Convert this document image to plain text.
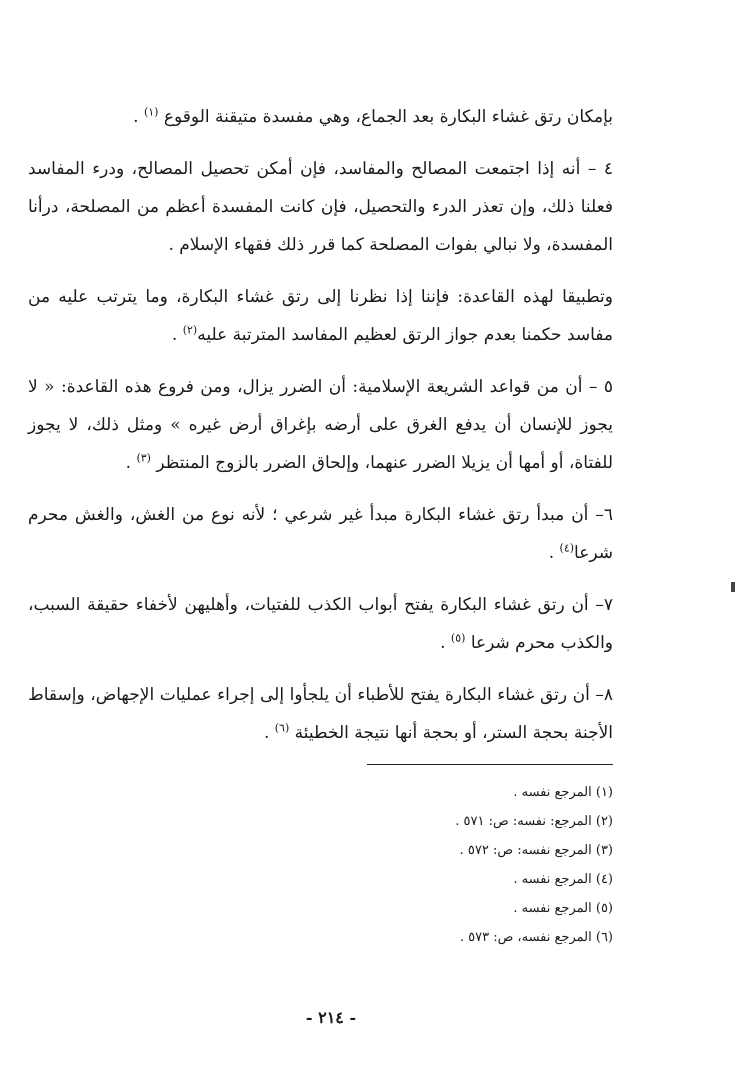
بإمكان رتق غشاء البكارة بعد الجماع، وهي مفسدة متيقنة الوقوع $^{(١)}$ .

٤ – أنه إذا اجتمعت المصالح والمفاسد، فإن أمكن تحصيل المصالح، ودرء المفاسد فعلنا ذلك، وإن تعذر الدرء والتحصيل، فإن كانت المفسدة أعظم من المصلحة، درأنا المفسدة، ولا نبالي بفوات المصلحة كما قرر ذلك فقهاء الإسلام .

وتطبيقا لهذه القاعدة: فإننا إذا نظرنا إلى رتق غشاء البكارة، وما يترتب عليه من مفاسد حكمنا بعدم جواز الرتق لعظيم المفاسد المترتبة عليه$^{(٢)}$ .

٥ – أن من قواعد الشريعة الإسلامية: أن الضرر يزال، ومن فروع هذه القاعدة: « لا يجوز للإنسان أن يدفع الغرق على أرضه بإغراق أرض غيره » ومثل ذلك، لا يجوز للفتاة، أو أمها أن يزيلا الضرر عنهما، وإلحاق الضرر بالزوج المنتظر $^{(٣)}$ .

٦– أن مبدأ رتق غشاء البكارة مبدأ غير شرعي ؛ لأنه نوع من الغش، والغش محرم شرعا$^{(٤)}$ .

٧– أن رتق غشاء البكارة يفتح أبواب الكذب للفتيات، وأهليهن لأخفاء حقيقة السبب، والكذب محرم شرعا $^{(٥)}$ .

٨– أن رتق غشاء البكارة يفتح للأطباء أن يلجأوا إلى إجراء عمليات الإجهاض، وإسقاط الأجنة بحجة الستر، أو بحجة أنها نتيجة الخطيئة $^{(٦)}$ .

(١) المرجع نفسه .
(٢) المرجع: نفسه: ص: ٥٧١ .
(٣) المرجع نفسه: ص: ٥٧٢ .
(٤) المرجع نفسه .
(٥) المرجع نفسه .
(٦) المرجع نفسه، ص: ٥٧٣ .
- ٢١٤ -
